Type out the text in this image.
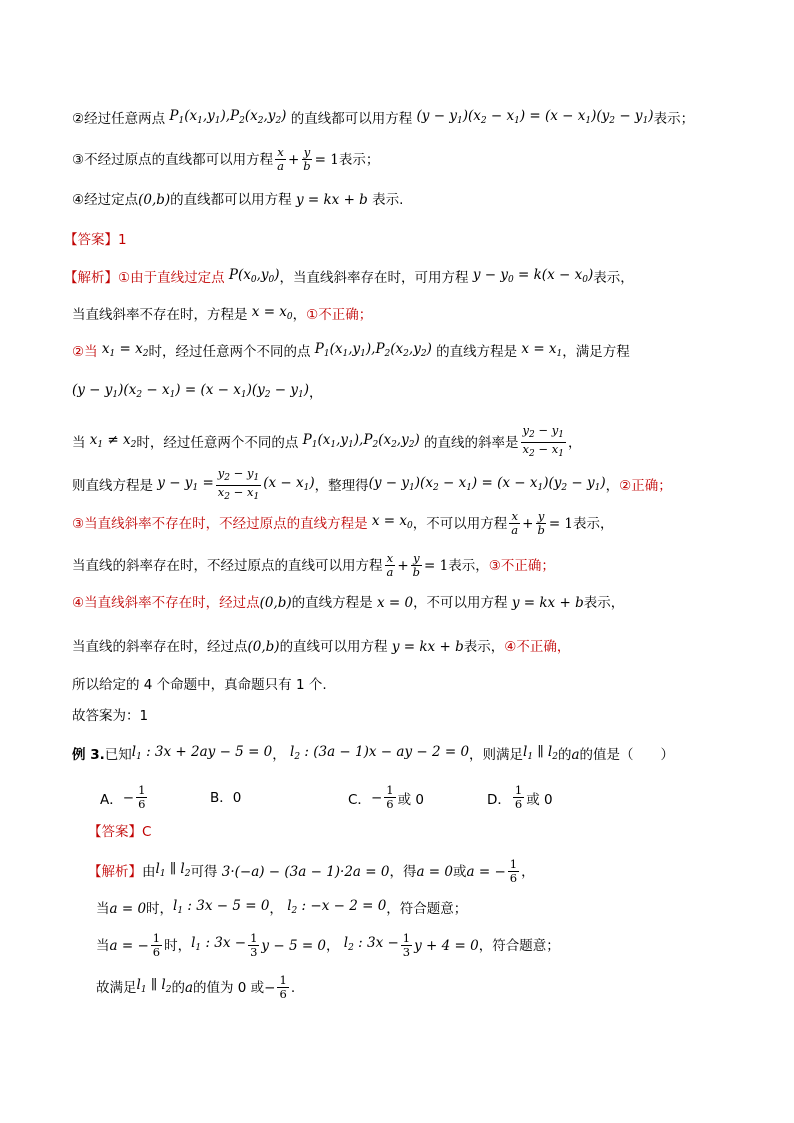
②经过任意两点 $P_1(x_1,y_1),P_2(x_2,y_2)$ 的直线都可以用方程 $(y - y_1)(x_2 - x_1) = (x - x_1)(y_2 - y_1)$ 表示；
③不经过原点的直线都可以用方程 $\frac{x}{a} + \frac{y}{b} = 1$ 表示；
④经过定点 (0,b) 的直线都可以用方程 y = kx + b 表示.
【答案】 1
【解析】 ①由于直线过定点 $P(x_0,y_0)$ ，当直线斜率存在时，可用方程 $y - y_0 = k(x - x_0)$ 表示，
当直线斜率不存在时，方程是 $x = x_0$ ， ①不正确；
②当 $x_1 = x_2$ 时，经过任意两个不同的点 $P_1(x_1,y_1),P_2(x_2,y_2)$ 的直线方程是 $x = x_1$ ，满足方程
$(y - y_1)(x_2 - x_1) = (x - x_1)(y_2 - y_1)$ ，
当 $x_1 \ne x_2$ 时，经过任意两个不同的点 $P_1(x_1,y_1),P_2(x_2,y_2)$ 的直线的斜率是 $\frac{y_2 - y_1}{x_2 - x_1}$ ，
则直线方程是 $y - y_1 = \frac{y_2 - y_1}{x_2 - x_1} (x - x_1)$ ，整理得 $(y - y_1)(x_2 - x_1) = (x - x_1)(y_2 - y_1)$ ， ②正确；
③当直线斜率不存在时，不经过原点的直线方程是 $x = x_0$ ，不可以用方程 $\frac{x}{a} + \frac{y}{b} = 1$ 表示，
当直线的斜率存在时，不经过原点的直线可以用方程 $\frac{x}{a} + \frac{y}{b} = 1$ 表示， ③不正确；
④当直线斜率不存在时，经过点 (0,b) 的直线方程是 x = 0 ，不可以用方程 y = kx + b 表示，
当直线的斜率存在时，经过点 (0,b) 的直线可以用方程 y = kx + b 表示， ④不正确，
所以给定的 4 个命题中，真命题只有 1 个.
故答案为：1
例 3. 已知 $l_1$ : 3x + 2ay − 5 = 0 ， $l_2$ : (3a − 1)x − ay − 2 = 0 ，则满足 $l_1$ ∥ $l_2$ 的 a 的值是（　　）
A． − $\frac{1}{6}$	B．0	C． − $\frac{1}{6}$ 或 0	D． $\frac{1}{6}$ 或 0
【答案】 C
【解析】 由 $l_1$ ∥ $l_2$ 可得 3·(−a) − (3a − 1)·2a = 0 ，得 a = 0 或 a = − $\frac{1}{6}$ ，
当 a = 0 时， $l_1$ : 3x − 5 = 0 ， $l_2$ : −x − 2 = 0 ，符合题意；
当 a = − $\frac{1}{6}$ 时， $l_1$ : $3x - \frac{1}{3}$ y − 5 = 0 ， $l_2$ : $3x - \frac{1}{3}$ y + 4 = 0 ，符合题意；
故满足 $l_1$ ∥ $l_2$ 的 a 的值为 0 或 − $\frac{1}{6}$ .
